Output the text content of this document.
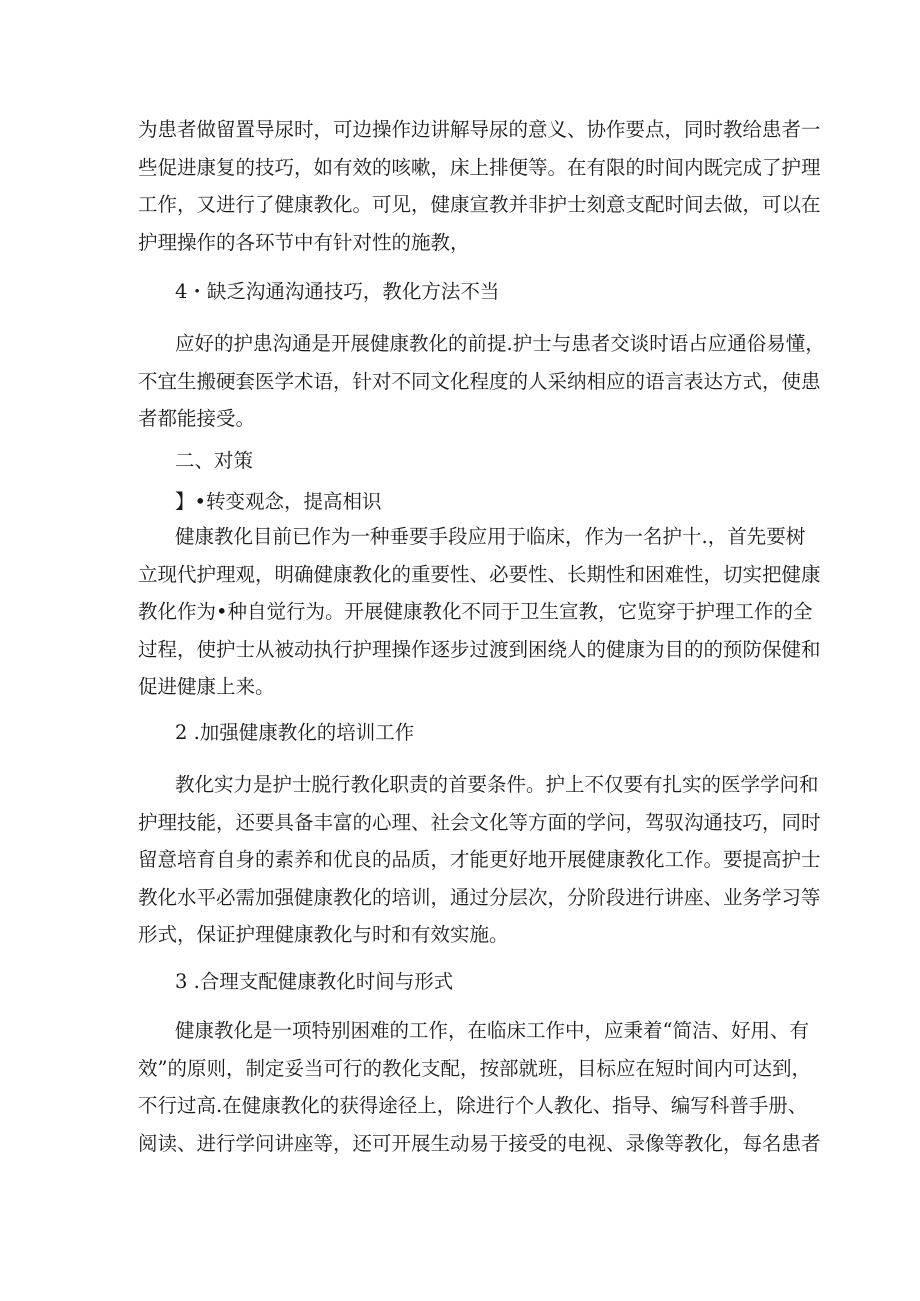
为患者做留置导尿时，可边操作边讲解导尿的意义、协作要点，同时教给患者一
些促进康复的技巧，如有效的咳嗽，床上排便等。在有限的时间内既完成了护理
工作，又进行了健康教化。可见，健康宣教并非护士刻意支配时间去做，可以在
护理操作的各环节中有针对性的施教，
4・缺乏沟通沟通技巧，教化方法不当
应好的护患沟通是开展健康教化的前提.护士与患者交谈时语占应通俗易懂，
不宜生搬硬套医学术语，针对不同文化程度的人采纳相应的语言表达方式，使患
者都能接受。
二、对策
】•转变观念，提高相识
健康教化目前已作为一种垂要手段应用于临床，作为一名护十.，首先要树
立现代护理观，明确健康教化的重要性、必要性、长期性和困难性，切实把健康
教化作为•种自觉行为。开展健康教化不同于卫生宣教，它览穿于护理工作的全
过程，使护士从被动执行护理操作逐步过渡到困绕人的健康为目的的预防保健和
促进健康上来。
2 .加强健康教化的培训工作
教化实力是护士脱行教化职责的首要条件。护上不仅要有扎实的医学学问和
护理技能，还要具备丰富的心理、社会文化等方面的学问，驾驭沟通技巧，同时
留意培育自身的素养和优良的品质，才能更好地开展健康教化工作。要提高护士
教化水平必需加强健康教化的培训，通过分层次，分阶段进行讲座、业务学习等
形式，保证护理健康教化与时和有效实施。
3 .合理支配健康教化时间与形式
健康教化是一项特别困难的工作，在临床工作中，应秉着“简洁、好用、有
效”的原则，制定妥当可行的教化支配，按部就班，目标应在短时间内可达到，
不行过高.在健康教化的获得途径上，除进行个人教化、指导、编写科普手册、
阅读、进行学问讲座等，还可开展生动易于接受的电视、录像等教化，每名患者
